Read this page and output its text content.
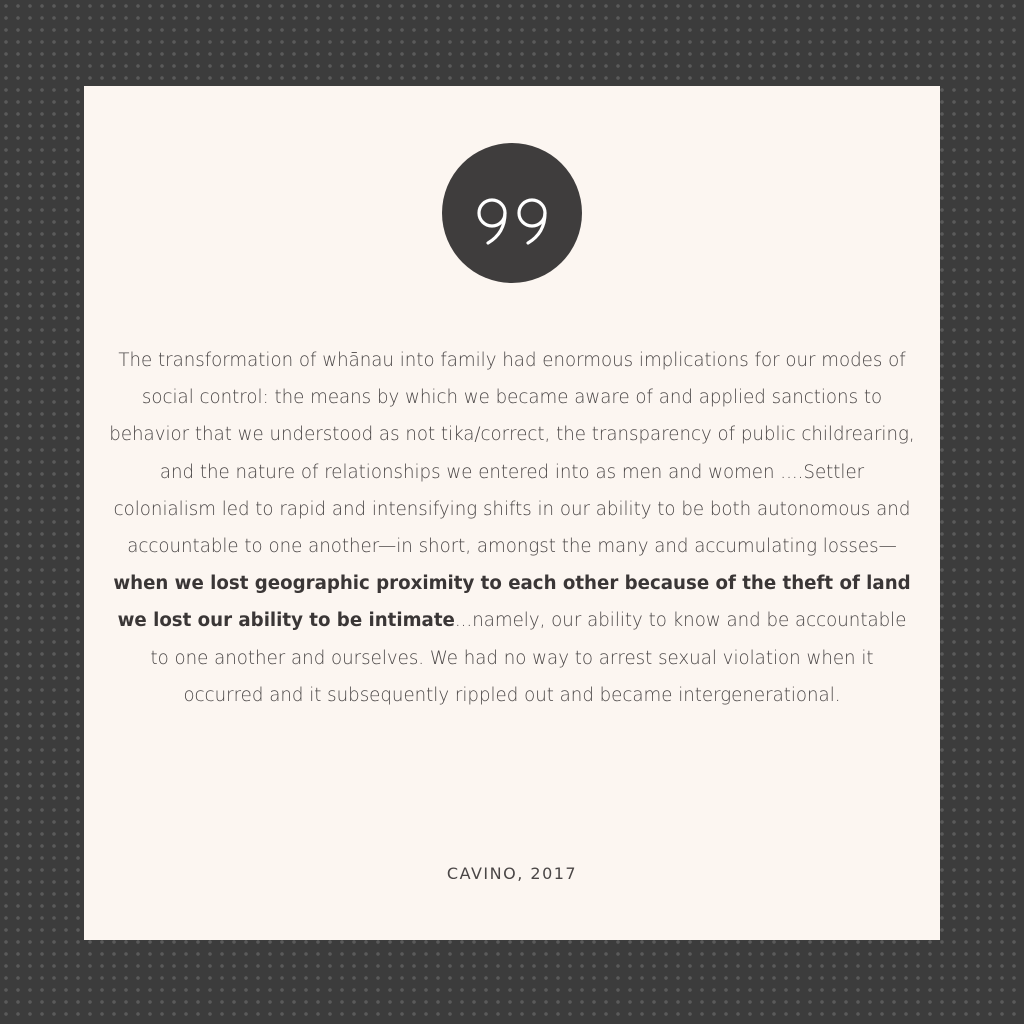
The transformation of whānau into family had enormous implications for our modes of social control: the means by which we became aware of and applied sanctions to behavior that we understood as not tika/correct, the transparency of public childrearing, and the nature of relationships we entered into as men and women ....Settler colonialism led to rapid and intensifying shifts in our ability to be both autonomous and accountable to one another—in short, amongst the many and accumulating losses—when we lost geographic proximity to each other because of the theft of land we lost our ability to be intimate...namely, our ability to know and be accountable to one another and ourselves. We had no way to arrest sexual violation when it occurred and it subsequently rippled out and became intergenerational.

CAVINO, 2017
